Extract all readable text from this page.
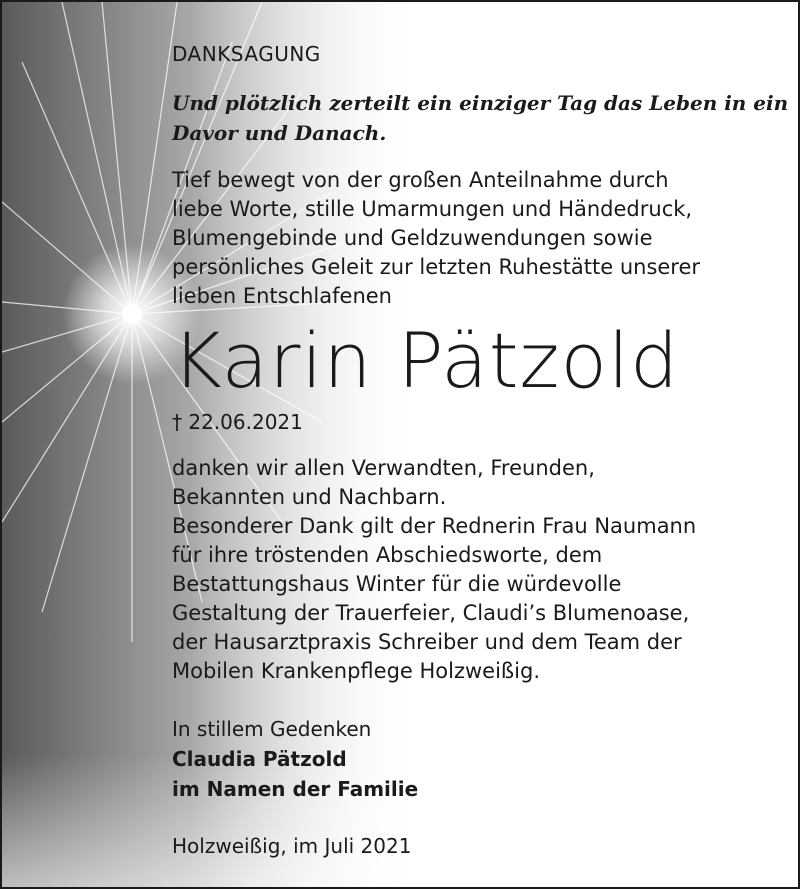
DANKSAGUNG
Und plötzlich zerteilt ein einziger Tag das Leben in ein
Davor und Danach.
Tief bewegt von der großen Anteilnahme durch
liebe Worte, stille Umarmungen und Händedruck,
Blumengebinde und Geldzuwendungen sowie
persönliches Geleit zur letzten Ruhestätte unserer
lieben Entschlafenen
Karin Pätzold
† 22.06.2021
danken wir allen Verwandten, Freunden,
Bekannten und Nachbarn.
Besonderer Dank gilt der Rednerin Frau Naumann
für ihre tröstenden Abschiedsworte, dem
Bestattungshaus Winter für die würdevolle
Gestaltung der Trauerfeier, Claudi’s Blumenoase,
der Hausarztpraxis Schreiber und dem Team der
Mobilen Krankenpflege Holzweißig.
In stillem Gedenken
Claudia Pätzold
im Namen der Familie
Holzweißig, im Juli 2021
